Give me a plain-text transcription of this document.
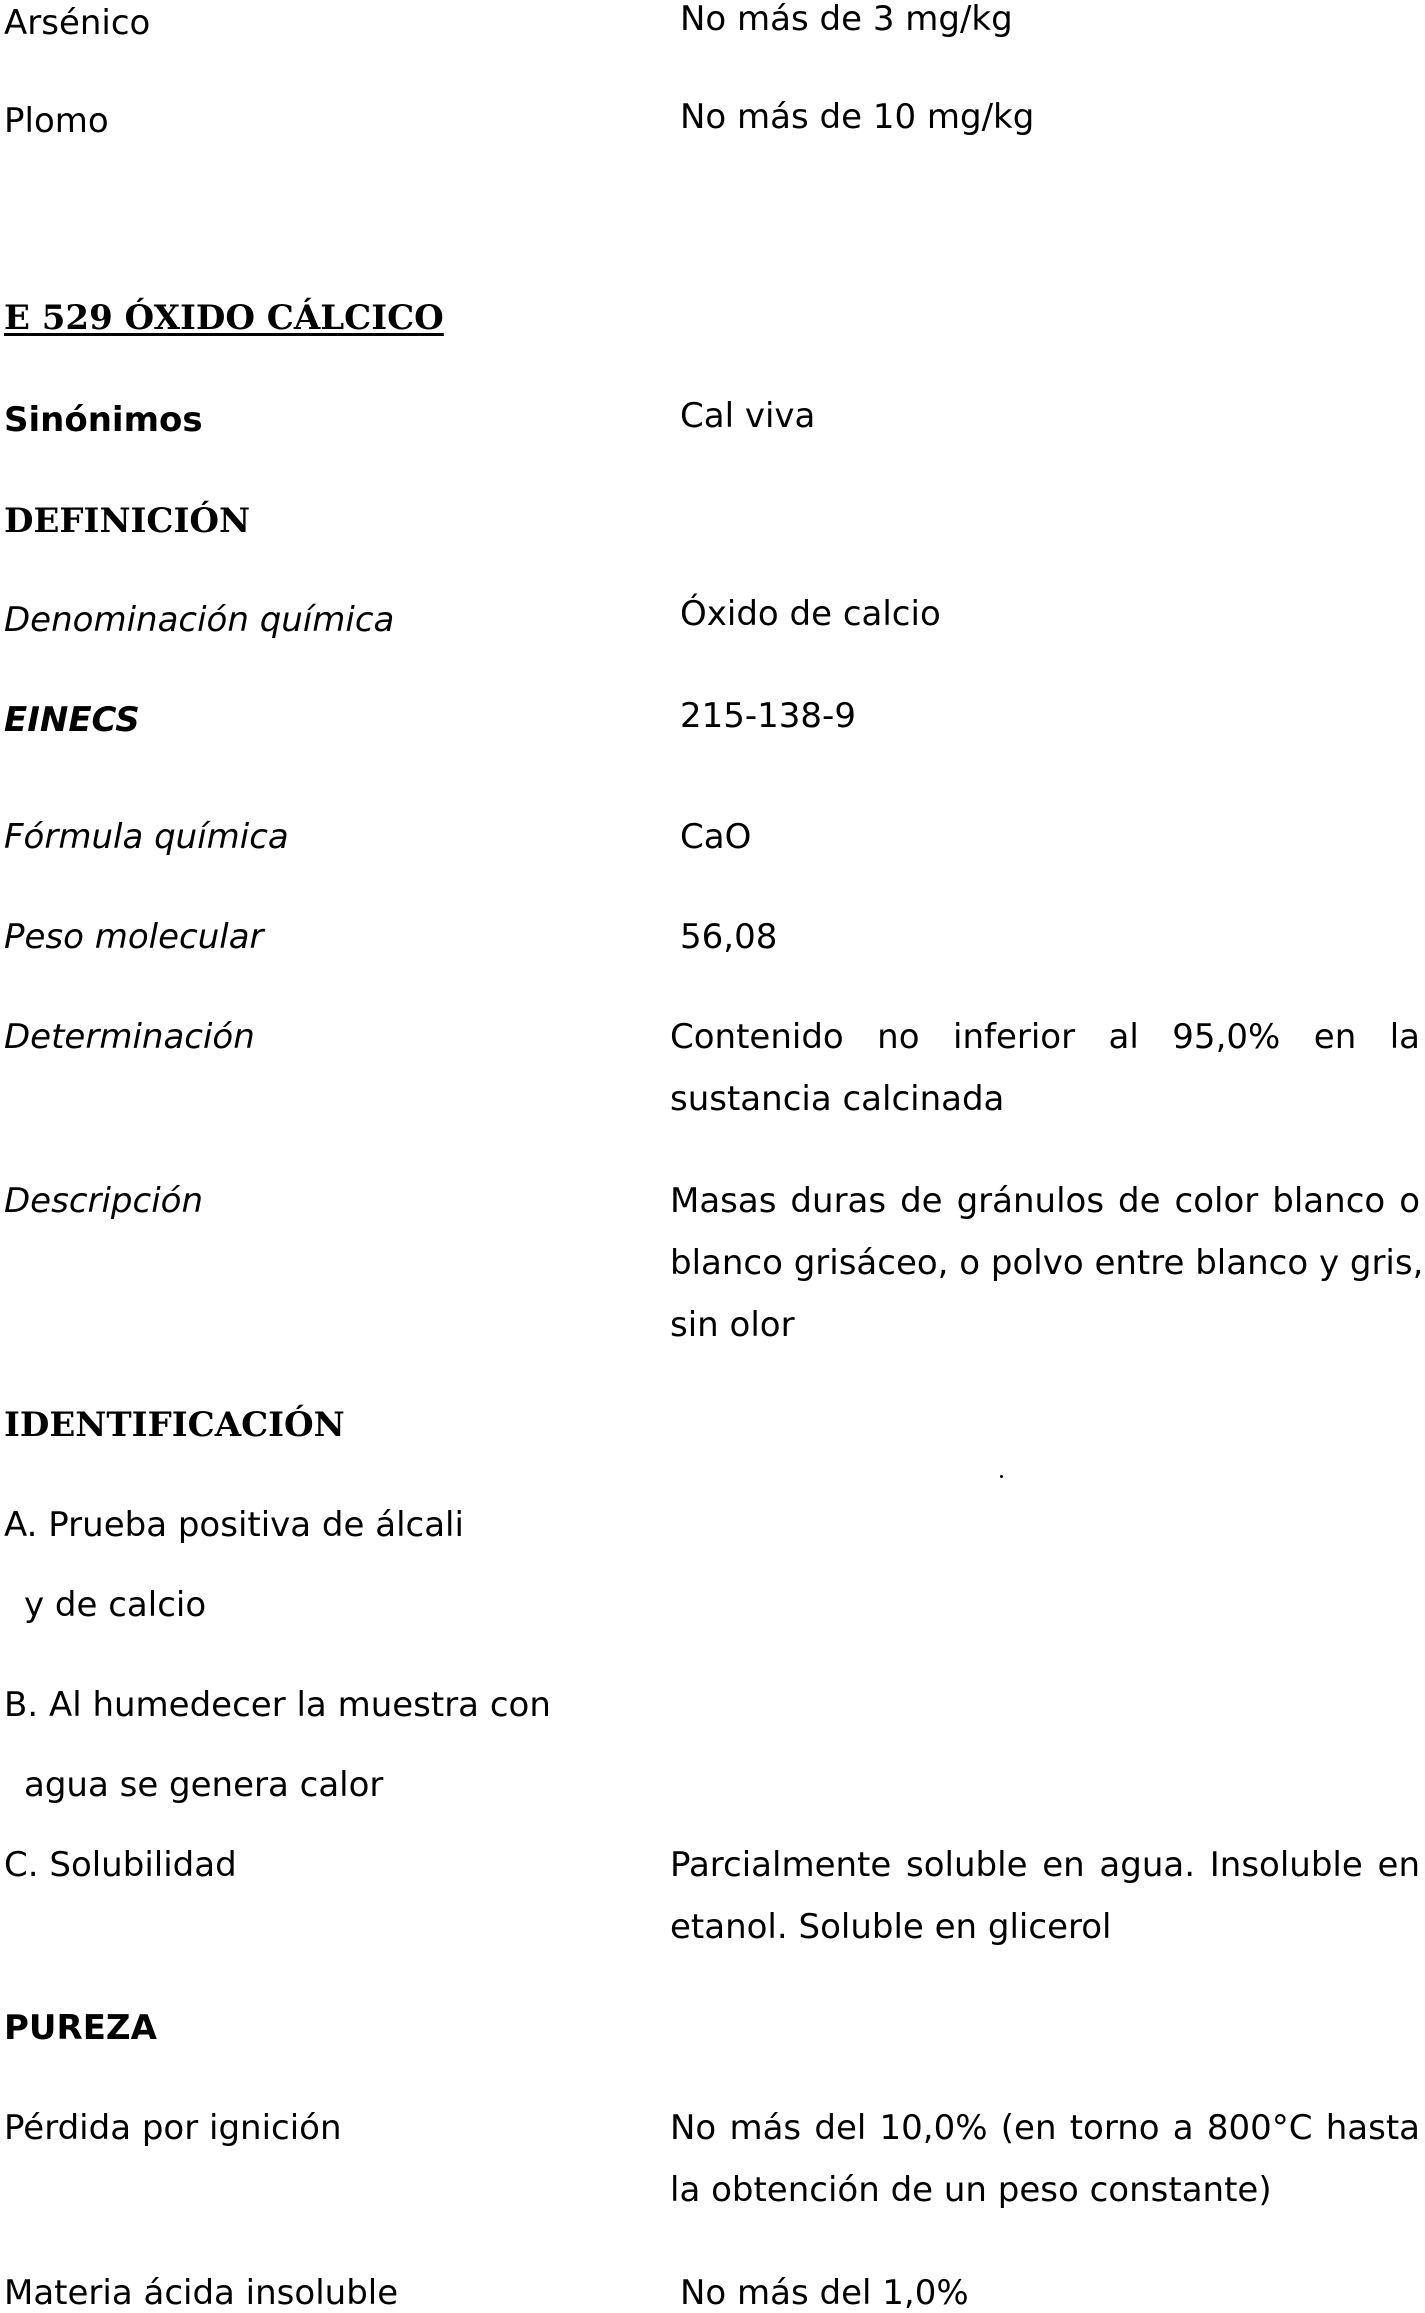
Arsénico	No más de 3 mg/kg
Plomo	No más de 10 mg/kg
E 529 ÓXIDO CÁLCICO
Sinónimos	Cal viva
DEFINICIÓN
Denominación química	Óxido de calcio
EINECS	215-138-9
Fórmula química	CaO
Peso molecular	56,08
Determinación	Contenido no inferior al 95,0% en la
sustancia calcinada
Descripción	Masas duras de gránulos de color blanco o
blanco grisáceo, o polvo entre blanco y gris,
sin olor
IDENTIFICACIÓN
A. Prueba positiva de álcali
y de calcio
B. Al humedecer la muestra con
agua se genera calor
C. Solubilidad	Parcialmente soluble en agua. Insoluble en
etanol. Soluble en glicerol
PUREZA
Pérdida por ignición	No más del 10,0% (en torno a 800°C hasta
la obtención de un peso constante)
Materia ácida insoluble	No más del 1,0%
